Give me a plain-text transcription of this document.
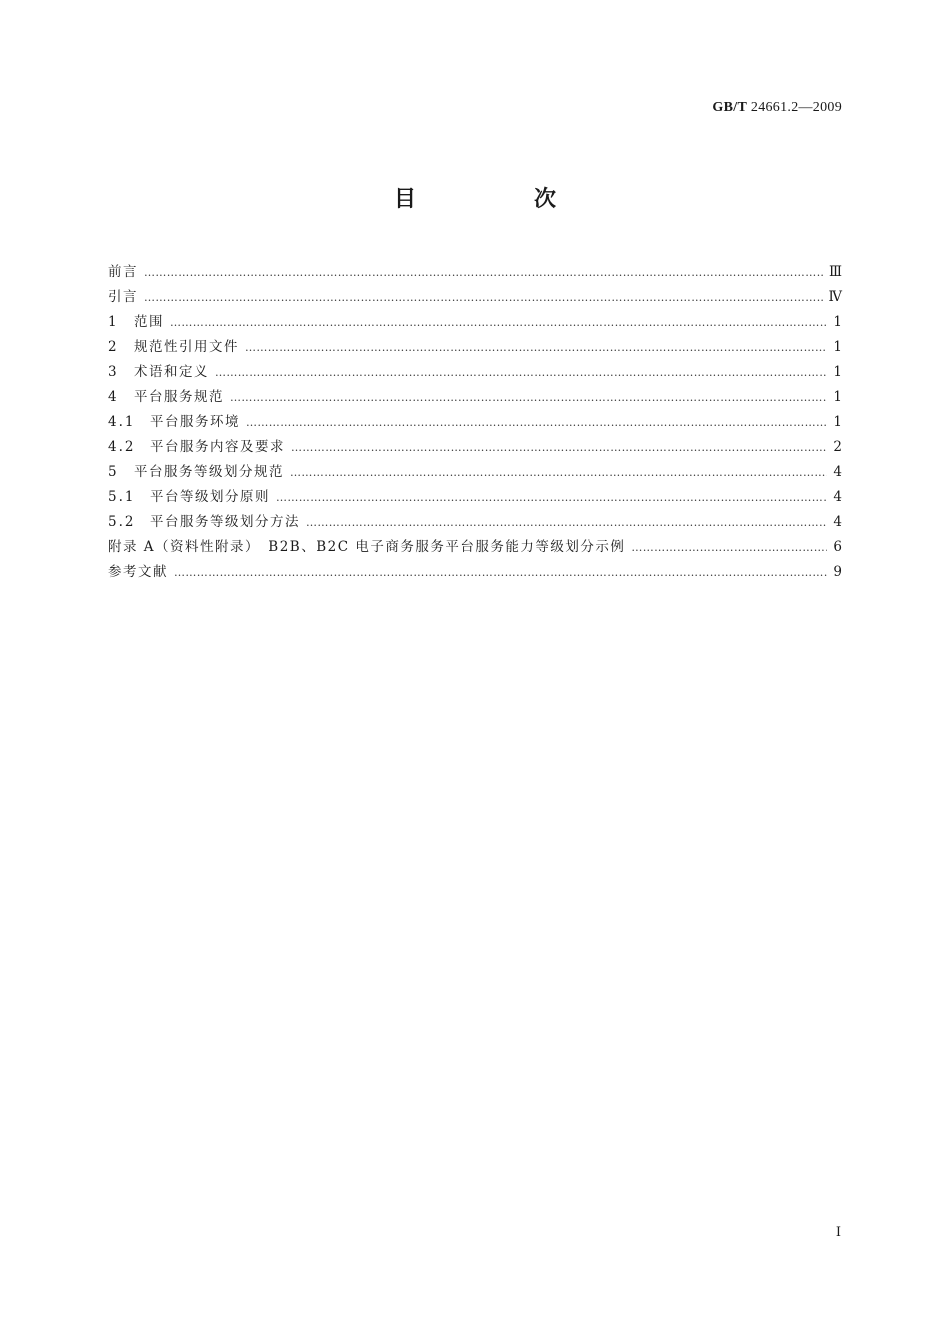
GB/T 24661.2—2009
目　次
前言 …………………………………………………………………………………………………………………………………………………………………………………………	Ⅲ
引言 …………………………………………………………………………………………………………………………………………………………………………………………	Ⅳ
1	范围 …………………………………………………………………………………………………………………………………………………………………………………………	1
2	规范性引用文件 …………………………………………………………………………………………………………………………………………………………………………………………	1
3	术语和定义 …………………………………………………………………………………………………………………………………………………………………………………………	1
4	平台服务规范 …………………………………………………………………………………………………………………………………………………………………………………………	1
4.1	平台服务环境 …………………………………………………………………………………………………………………………………………………………………………………………	1
4.2	平台服务内容及要求 …………………………………………………………………………………………………………………………………………………………………………………………	2
5	平台服务等级划分规范 …………………………………………………………………………………………………………………………………………………………………………………………	4
5.1	平台等级划分原则 …………………………………………………………………………………………………………………………………………………………………………………………	4
5.2	平台服务等级划分方法 …………………………………………………………………………………………………………………………………………………………………………………………	4
附录 A（资料性附录）　B2B、B2C 电子商务服务平台服务能力等级划分示例 …………………………………………………………………………………………………………………………………………………………………………………………	6
参考文献 …………………………………………………………………………………………………………………………………………………………………………………………	9
Ⅰ
